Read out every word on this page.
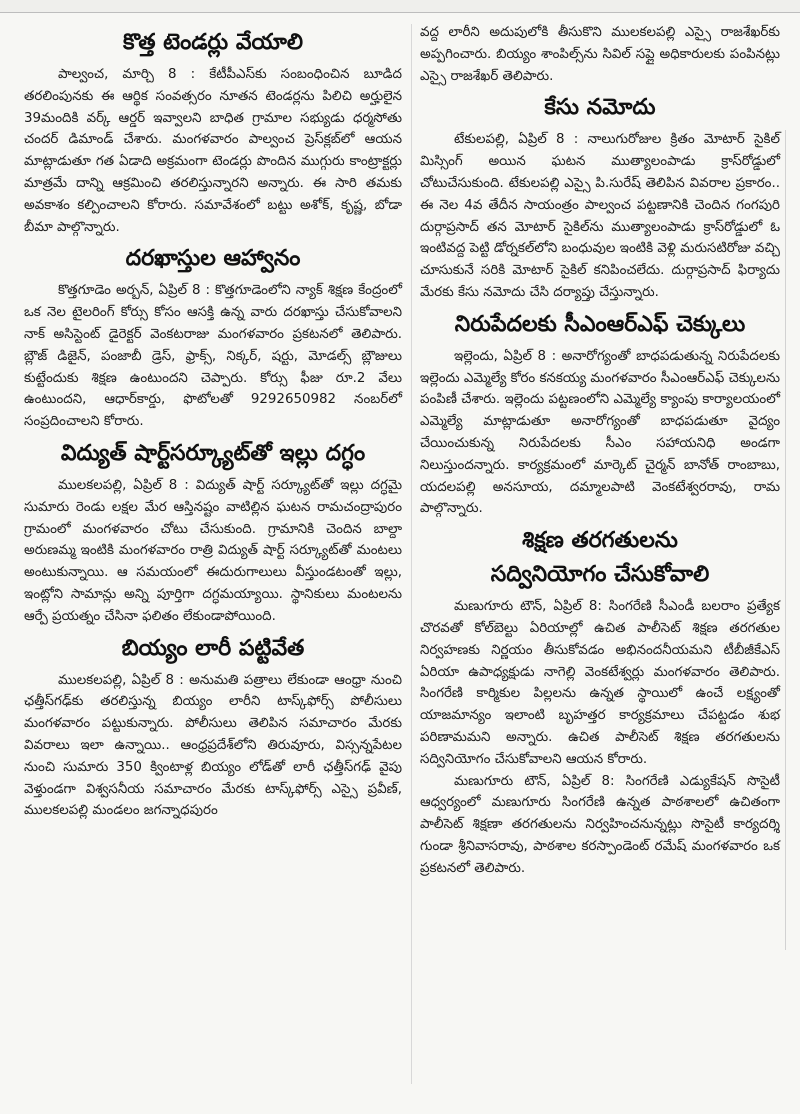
కొత్త టెండర్లు వేయాలి

పాల్వంచ, మార్చి 8 : కేటీపీఎస్‌కు సంబంధించిన బూడిద తరలింపునకు ఈ ఆర్థిక సంవత్సరం నూతన టెండర్లను పిలిచి అర్హులైన 39మందికి వర్క్ ఆర్డర్ ఇవ్వాలని బాధిత గ్రామాల సభ్యుడు ధర్మసోతు చందర్ డిమాండ్ చేశారు. మంగళవారం పాల్వంచ ప్రెస్‌క్లబ్‌లో ఆయన మాట్లాడుతూ గత ఏడాది అక్రమంగా టెండర్లు పొందిన ముగ్గురు కాంట్రాక్టర్లు మాత్రమే దాన్ని ఆక్రమించి తరలిస్తున్నారని అన్నారు. ఈ సారి తమకు అవకాశం కల్పించాలని కోరారు. సమావేశంలో బట్టు అశోక్, కృష్ణ, బోడా బీమా పాల్గొన్నారు.

దరఖాస్తుల ఆహ్వానం

కొత్తగూడెం అర్బన్, ఏప్రిల్ 8 : కొత్తగూడెంలోని న్యాక్ శిక్షణ కేంద్రంలో ఒక నెల టైలరింగ్ కోర్సు కోసం ఆసక్తి ఉన్న వారు దరఖాస్తు చేసుకోవాలని నాక్ అసిస్టెంట్ డైరెక్టర్ వెంకటరాజు మంగళవారం ప్రకటనలో తెలిపారు. బ్లౌజ్ డిజైన్, పంజాబీ డ్రెస్, ఫ్రాక్స్, నిక్కర్, షర్టు, మోడల్స్ బ్లౌజులు కుట్టేందుకు శిక్షణ ఉంటుందని చెప్పారు. కోర్సు ఫీజు రూ.2 వేలు ఉంటుందని, ఆధార్‌కార్డు, ఫొటోలతో 9292650982 నంబర్‌లో సంప్రదించాలని కోరారు.

విద్యుత్ షార్ట్‌సర్క్యూట్‌తో ఇల్లు దగ్ధం

ములకలపల్లి, ఏప్రిల్ 8 : విద్యుత్ షార్ట్ సర్క్యూట్‌తో ఇల్లు దగ్ధమై సుమారు రెండు లక్షల మేర ఆస్తినష్టం వాటిల్లిన ఘటన రామచంద్రాపురం గ్రామంలో మంగళవారం చోటు చేసుకుంది. గ్రామానికి చెందిన బాల్దా అరుణమ్మ ఇంటికి మంగళవారం రాత్రి విద్యుత్ షార్ట్ సర్క్యూట్‌తో మంటలు అంటుకున్నాయి. ఆ సమయంలో ఈదురుగాలులు వీస్తుండటంతో ఇల్లు, ఇంట్లోని సామాన్లు అన్ని పూర్తిగా దగ్ధమయ్యాయి. స్థానికులు మంటలను ఆర్పే ప్రయత్నం చేసినా ఫలితం లేకుండాపోయింది.

బియ్యం లారీ పట్టివేత

ములకలపల్లి, ఏప్రిల్ 8 : అనుమతి పత్రాలు లేకుండా ఆంధ్రా నుంచి ఛత్తీస్‌గఢ్‌కు తరలిస్తున్న బియ్యం లారీని టాస్క్‌ఫోర్స్ పోలీసులు మంగళవారం పట్టుకున్నారు. పోలీసులు తెలిపిన సమాచారం మేరకు వివరాలు ఇలా ఉన్నాయి.. ఆంధ్రప్రదేశ్‌లోని తిరువూరు, విస్సన్నపేటల నుంచి సుమారు 350 క్వింటాళ్ల బియ్యం లోడ్‌తో లారీ ఛత్తీస్‌గఢ్ వైపు వెళ్తుండగా విశ్వసనీయ సమాచారం మేరకు టాస్క్‌ఫోర్స్ ఎస్సై ప్రవీణ్, ములకలపల్లి మండలం జగన్నాధపురం

వద్ద లారీని అదుపులోకి తీసుకొని ములకలపల్లి ఎస్సై రాజశేఖర్‌కు అప్పగించారు. బియ్యం శాంపిల్స్‌ను సివిల్ సప్లై అధికారులకు పంపినట్లు ఎస్సై రాజశేఖర్ తెలిపారు.

కేసు నమోదు

టేకులపల్లి, ఏప్రిల్ 8 : నాలుగురోజుల క్రితం మోటార్ సైకిల్ మిస్సింగ్ అయిన ఘటన ముత్యాలంపాడు క్రాస్‌రోడ్డులో చోటుచేసుకుంది. టేకులపల్లి ఎస్సై పి.సురేష్ తెలిపిన వివరాల ప్రకారం.. ఈ నెల 4వ తేదీన సాయంత్రం పాల్వంచ పట్టణానికి చెందిన గంగపురి దుర్గాప్రసాద్ తన మోటార్ సైకిల్‌ను ముత్యాలంపాడు క్రాస్‌రోడ్డులో ఓ ఇంటివద్ద పెట్టి డోర్నకల్‌లోని బంధువుల ఇంటికి వెళ్లి మరుసటిరోజు వచ్చి చూసుకునే సరికి మోటార్ సైకిల్ కనిపించలేదు. దుర్గాప్రసాద్ ఫిర్యాదు మేరకు కేసు నమోదు చేసి దర్యాప్తు చేస్తున్నారు.

నిరుపేదలకు సీఎంఆర్‌ఎఫ్ చెక్కులు

ఇల్లెందు, ఏప్రిల్ 8 : అనారోగ్యంతో బాధపడుతున్న నిరుపేదలకు ఇల్లెందు ఎమ్మెల్యే కోరం కనకయ్య మంగళవారం సీఎంఆర్‌ఎఫ్ చెక్కులను పంపిణీ చేశారు. ఇల్లెందు పట్టణంలోని ఎమ్మెల్యే క్యాంపు కార్యాలయంలో ఎమ్మెల్యే మాట్లాడుతూ అనారోగ్యంతో బాధపడుతూ వైద్యం చేయించుకున్న నిరుపేదలకు సీఎం సహాయనిధి అండగా నిలుస్తుందన్నారు. కార్యక్రమంలో మార్కెట్ చైర్మన్ బానోత్ రాంబాబు, యదలపల్లి అనసూయ, దమ్మాలపాటి వెంకటేశ్వరరావు, రామ పాల్గొన్నారు.

శిక్షణ తరగతులను
సద్వినియోగం చేసుకోవాలి

మణుగూరు టౌన్, ఏప్రిల్ 8: సింగరేణి సీఎండీ బలరాం ప్రత్యేక చొరవతో కోల్‌బెల్టు ఏరియాల్లో ఉచిత పాలీసెట్ శిక్షణ తరగతుల నిర్వహణకు నిర్ణయం తీసుకోవడం అభినందనీయమని టీబీజీకేఎస్ ఏరియా ఉపాధ్యక్షుడు నాగెల్లి వెంకటేశ్వర్లు మంగళవారం తెలిపారు. సింగరేణి కార్మికుల పిల్లలను ఉన్నత స్థాయిలో ఉంచే లక్ష్యంతో యాజమాన్యం ఇలాంటి బృహత్తర కార్యక్రమాలు చేపట్టడం శుభ పరిణామమని అన్నారు. ఉచిత పాలీసెట్ శిక్షణ తరగతులను సద్వినియోగం చేసుకోవాలని ఆయన కోరారు.

మణుగూరు టౌన్, ఏప్రిల్ 8: సింగరేణి ఎడ్యుకేషన్ సొసైటీ ఆధ్వర్యంలో మణుగూరు సింగరేణి ఉన్నత పాఠశాలలో ఉచితంగా పాలీసెట్ శిక్షణా తరగతులను నిర్వహించనున్నట్లు సొసైటీ కార్యదర్శి గుండా శ్రీనివాసరావు, పాఠశాల కరస్పాండెంట్ రమేష్ మంగళవారం ఒక ప్రకటనలో తెలిపారు.
